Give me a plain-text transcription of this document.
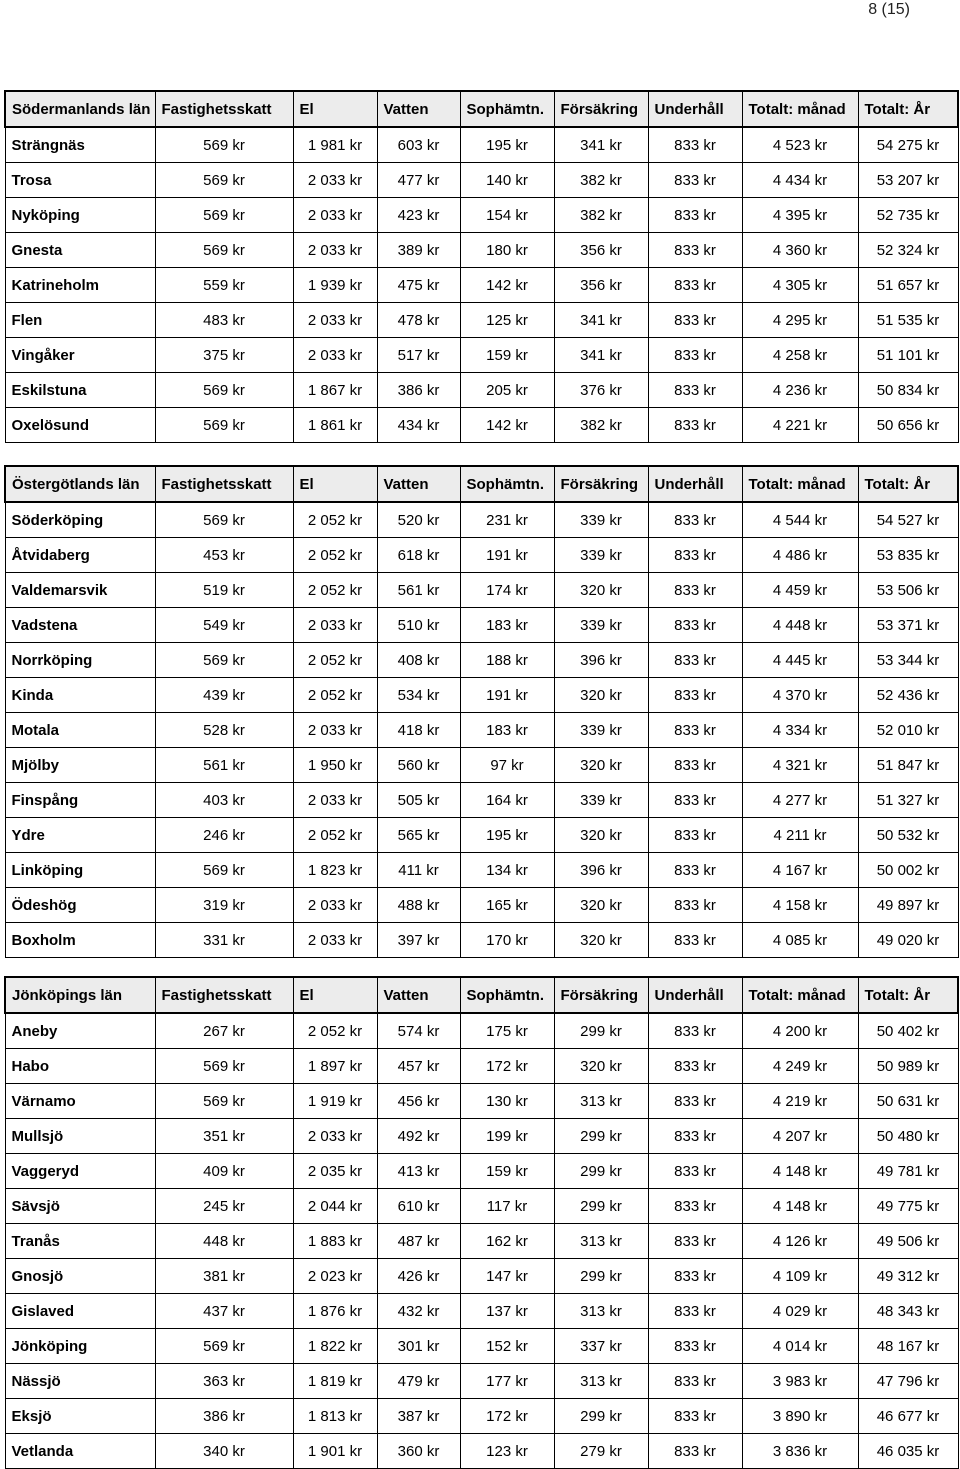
8 (15)
Södermanlands län	Fastighetsskatt	El	Vatten	Sophämtn.	Försäkring	Underhåll	Totalt: månad	Totalt: År
Strängnäs	569 kr	1 981 kr	603 kr	195 kr	341 kr	833 kr	4 523 kr	54 275 kr
Trosa	569 kr	2 033 kr	477 kr	140 kr	382 kr	833 kr	4 434 kr	53 207 kr
Nyköping	569 kr	2 033 kr	423 kr	154 kr	382 kr	833 kr	4 395 kr	52 735 kr
Gnesta	569 kr	2 033 kr	389 kr	180 kr	356 kr	833 kr	4 360 kr	52 324 kr
Katrineholm	559 kr	1 939 kr	475 kr	142 kr	356 kr	833 kr	4 305 kr	51 657 kr
Flen	483 kr	2 033 kr	478 kr	125 kr	341 kr	833 kr	4 295 kr	51 535 kr
Vingåker	375 kr	2 033 kr	517 kr	159 kr	341 kr	833 kr	4 258 kr	51 101 kr
Eskilstuna	569 kr	1 867 kr	386 kr	205 kr	376 kr	833 kr	4 236 kr	50 834 kr
Oxelösund	569 kr	1 861 kr	434 kr	142 kr	382 kr	833 kr	4 221 kr	50 656 kr
Östergötlands län	Fastighetsskatt	El	Vatten	Sophämtn.	Försäkring	Underhåll	Totalt: månad	Totalt: År
Söderköping	569 kr	2 052 kr	520 kr	231 kr	339 kr	833 kr	4 544 kr	54 527 kr
Åtvidaberg	453 kr	2 052 kr	618 kr	191 kr	339 kr	833 kr	4 486 kr	53 835 kr
Valdemarsvik	519 kr	2 052 kr	561 kr	174 kr	320 kr	833 kr	4 459 kr	53 506 kr
Vadstena	549 kr	2 033 kr	510 kr	183 kr	339 kr	833 kr	4 448 kr	53 371 kr
Norrköping	569 kr	2 052 kr	408 kr	188 kr	396 kr	833 kr	4 445 kr	53 344 kr
Kinda	439 kr	2 052 kr	534 kr	191 kr	320 kr	833 kr	4 370 kr	52 436 kr
Motala	528 kr	2 033 kr	418 kr	183 kr	339 kr	833 kr	4 334 kr	52 010 kr
Mjölby	561 kr	1 950 kr	560 kr	97 kr	320 kr	833 kr	4 321 kr	51 847 kr
Finspång	403 kr	2 033 kr	505 kr	164 kr	339 kr	833 kr	4 277 kr	51 327 kr
Ydre	246 kr	2 052 kr	565 kr	195 kr	320 kr	833 kr	4 211 kr	50 532 kr
Linköping	569 kr	1 823 kr	411 kr	134 kr	396 kr	833 kr	4 167 kr	50 002 kr
Ödeshög	319 kr	2 033 kr	488 kr	165 kr	320 kr	833 kr	4 158 kr	49 897 kr
Boxholm	331 kr	2 033 kr	397 kr	170 kr	320 kr	833 kr	4 085 kr	49 020 kr
Jönköpings län	Fastighetsskatt	El	Vatten	Sophämtn.	Försäkring	Underhåll	Totalt: månad	Totalt: År
Aneby	267 kr	2 052 kr	574 kr	175 kr	299 kr	833 kr	4 200 kr	50 402 kr
Habo	569 kr	1 897 kr	457 kr	172 kr	320 kr	833 kr	4 249 kr	50 989 kr
Värnamo	569 kr	1 919 kr	456 kr	130 kr	313 kr	833 kr	4 219 kr	50 631 kr
Mullsjö	351 kr	2 033 kr	492 kr	199 kr	299 kr	833 kr	4 207 kr	50 480 kr
Vaggeryd	409 kr	2 035 kr	413 kr	159 kr	299 kr	833 kr	4 148 kr	49 781 kr
Sävsjö	245 kr	2 044 kr	610 kr	117 kr	299 kr	833 kr	4 148 kr	49 775 kr
Tranås	448 kr	1 883 kr	487 kr	162 kr	313 kr	833 kr	4 126 kr	49 506 kr
Gnosjö	381 kr	2 023 kr	426 kr	147 kr	299 kr	833 kr	4 109 kr	49 312 kr
Gislaved	437 kr	1 876 kr	432 kr	137 kr	313 kr	833 kr	4 029 kr	48 343 kr
Jönköping	569 kr	1 822 kr	301 kr	152 kr	337 kr	833 kr	4 014 kr	48 167 kr
Nässjö	363 kr	1 819 kr	479 kr	177 kr	313 kr	833 kr	3 983 kr	47 796 kr
Eksjö	386 kr	1 813 kr	387 kr	172 kr	299 kr	833 kr	3 890 kr	46 677 kr
Vetlanda	340 kr	1 901 kr	360 kr	123 kr	279 kr	833 kr	3 836 kr	46 035 kr
